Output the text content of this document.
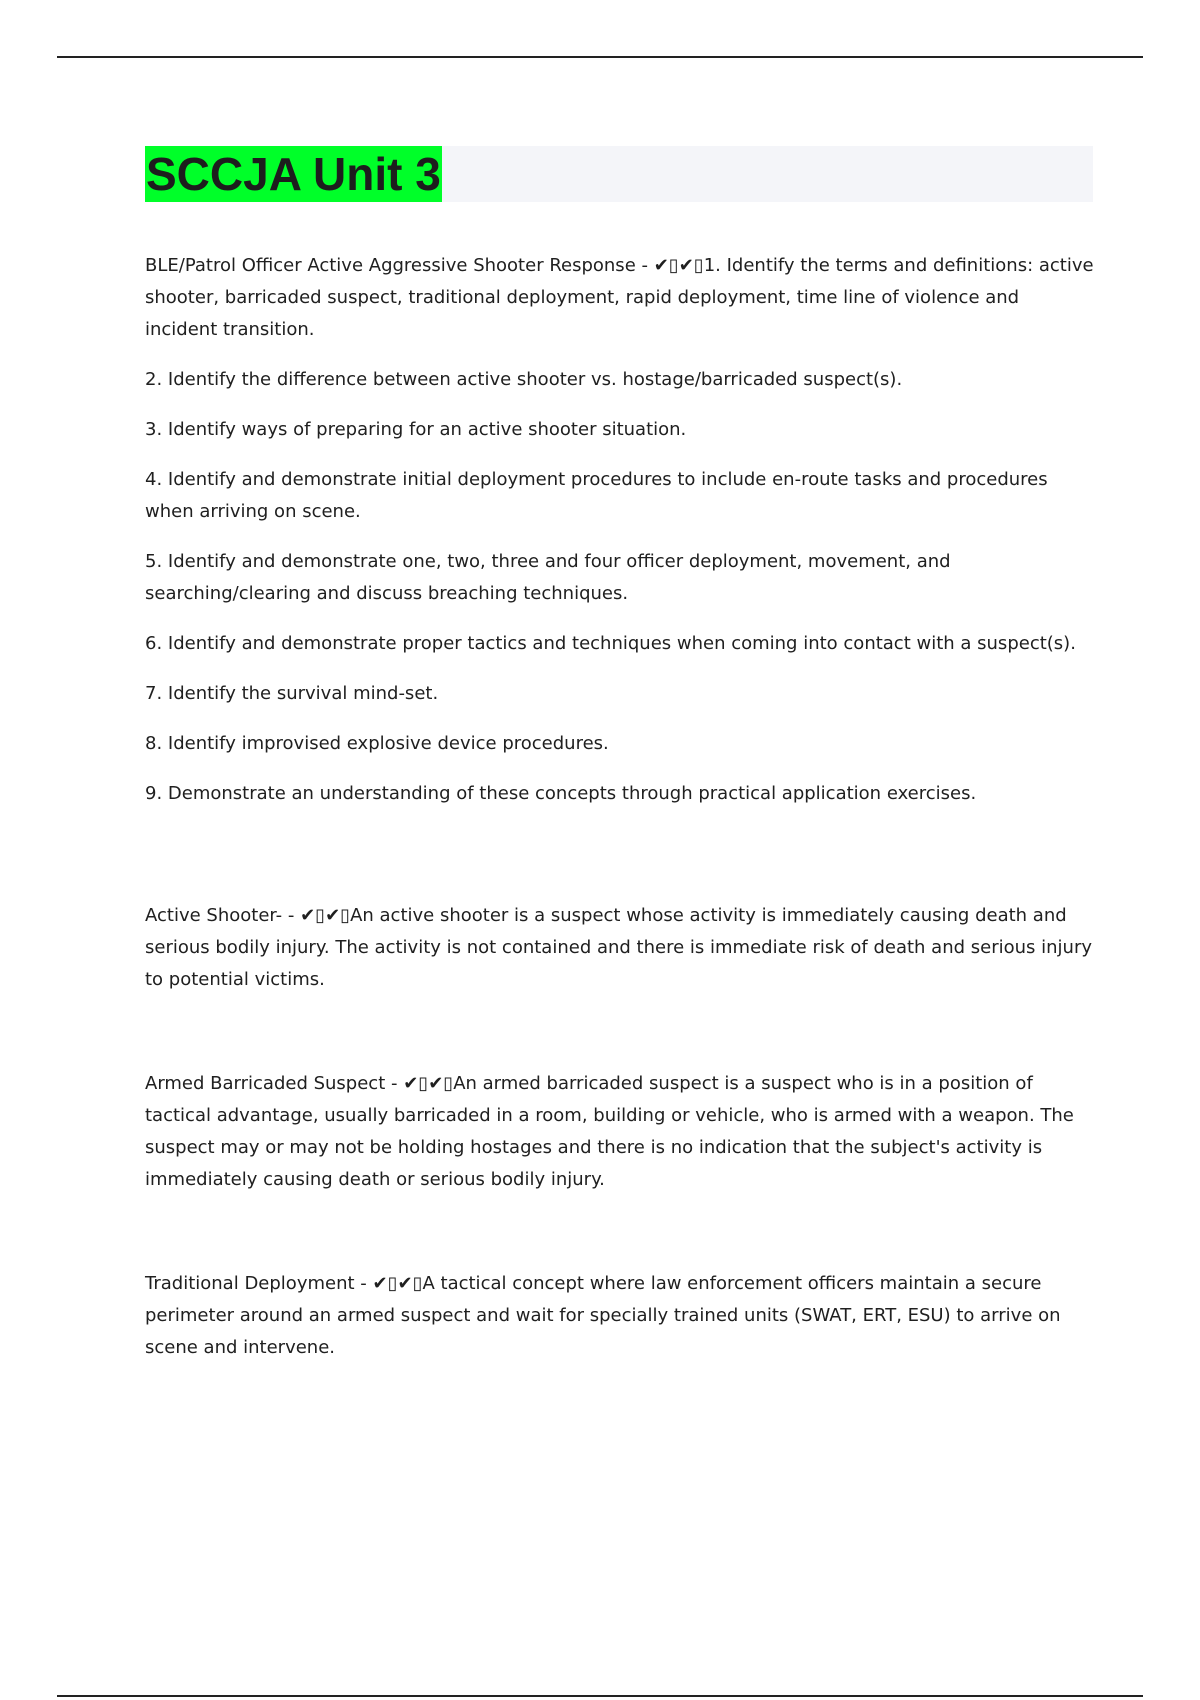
SCCJA Unit 3

BLE/Patrol Officer Active Aggressive Shooter Response - ✔▯✔▯1. Identify the terms and definitions: active shooter, barricaded suspect, traditional deployment, rapid deployment, time line of violence and incident transition.

2. Identify the difference between active shooter vs. hostage/barricaded suspect(s).

3. Identify ways of preparing for an active shooter situation.

4. Identify and demonstrate initial deployment procedures to include en-route tasks and procedures when arriving on scene.

5. Identify and demonstrate one, two, three and four officer deployment, movement, and searching/clearing and discuss breaching techniques.

6. Identify and demonstrate proper tactics and techniques when coming into contact with a suspect(s).

7. Identify the survival mind-set.

8. Identify improvised explosive device procedures.

9. Demonstrate an understanding of these concepts through practical application exercises.

Active Shooter- - ✔▯✔▯An active shooter is a suspect whose activity is immediately causing death and serious bodily injury. The activity is not contained and there is immediate risk of death and serious injury to potential victims.

Armed Barricaded Suspect - ✔▯✔▯An armed barricaded suspect is a suspect who is in a position of tactical advantage, usually barricaded in a room, building or vehicle, who is armed with a weapon. The suspect may or may not be holding hostages and there is no indication that the subject's activity is immediately causing death or serious bodily injury.

Traditional Deployment - ✔▯✔▯A tactical concept where law enforcement officers maintain a secure perimeter around an armed suspect and wait for specially trained units (SWAT, ERT, ESU) to arrive on scene and intervene.
